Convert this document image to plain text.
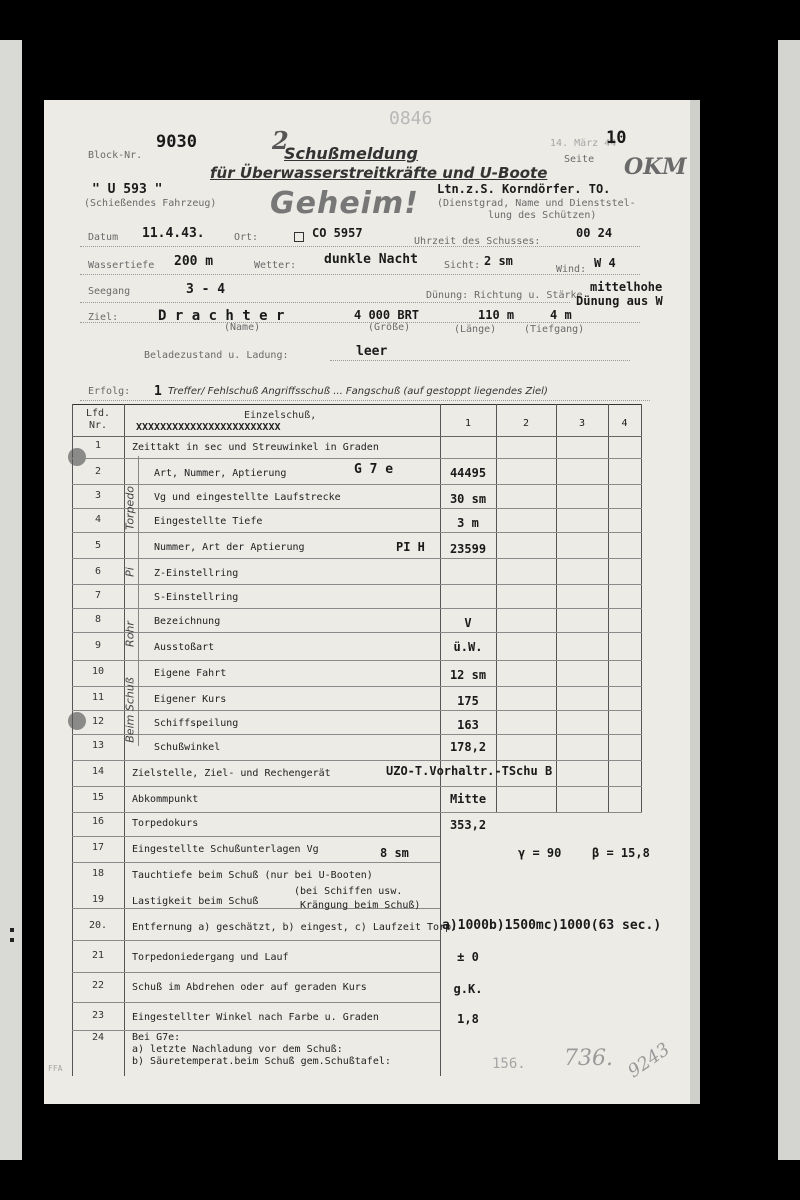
Block-Nr.
9030
0846
14. März 44
10
Seite OKM
2
Schußmeldung
für Überwasserstreitkräfte und U-Boote
Geheim!
" U 593 "
(Schießendes Fahrzeug)
Ltn.z.S. Korndörfer. TO.
(Dienstgrad, Name und Dienststel-
lung des Schützen)
Datum 11.4.43.	Ort:	CO 5957
Uhrzeit des Schusses:
00 24
Wassertiefe 200 m	Wetter: dunkle Nacht	Sicht: 2 sm
Wind: W 4
Seegang	3 - 4	Dünung: Richtung u. Stärke
mittelhohe
Dünung aus W
Ziel:	D r a c h t e r
(Name)
4 000 BRT
(Größe)
110 m
(Länge)
4 m
(Tiefgang)
Beladezustand u. Ladung:	leer
Erfolg: 1 Treffer/ Fehlschuß Angriffsschuß ... Fangschuß (auf gestoppt liegendes Ziel)
Lfd.
Nr.
Einzelschuß,
XXXXXXXXXXXXXXXXXXXXXXXX	1	2	3	4
Torpedo
Pi
Rohr
Beim Schuß
1	Zeittakt in sec und Streuwinkel in Graden
2	Art, Nummer, Aptierung	G 7 e	44495
3	Vg und eingestellte Laufstrecke	30 sm
4	Eingestellte Tiefe	3 m
5	Nummer, Art der Aptierung	PI H	23599
6	Z-Einstellring
7	S-Einstellring
8	Bezeichnung	V
9	Ausstoßart	ü.W.
10	Eigene Fahrt	12 sm
11	Eigener Kurs	175
12	Schiffspeilung	163
13	Schußwinkel	178,2
14	Zielstelle, Ziel- und Rechengerät	UZO-T.Vorhaltr.-TSchu B
15	Abkommpunkt	Mitte
16	Torpedokurs	353,2
17	Eingestellte Schußunterlagen Vg	8 sm	γ = 90	β = 15,8
18	Tauchtiefe beim Schuß (nur bei U-Booten)
19	Lastigkeit beim Schuß
(bei Schiffen usw.
Krängung beim Schuß)
20.	Entfernung a) geschätzt, b) eingest, c) Laufzeit Torp.
a)1000b)1500mc)1000(63 sec.)
21	Torpedoniedergang und Lauf	± 0
22	Schuß im Abdrehen oder auf geraden Kurs	g.K.
23	Eingestellter Winkel nach Farbe u. Graden	1,8
24	Bei G7e:
a) letzte Nachladung vor dem Schuß:
b) Säuretemperat.beim Schuß gem.Schußtafel:	156. 736. 9243
FFA
